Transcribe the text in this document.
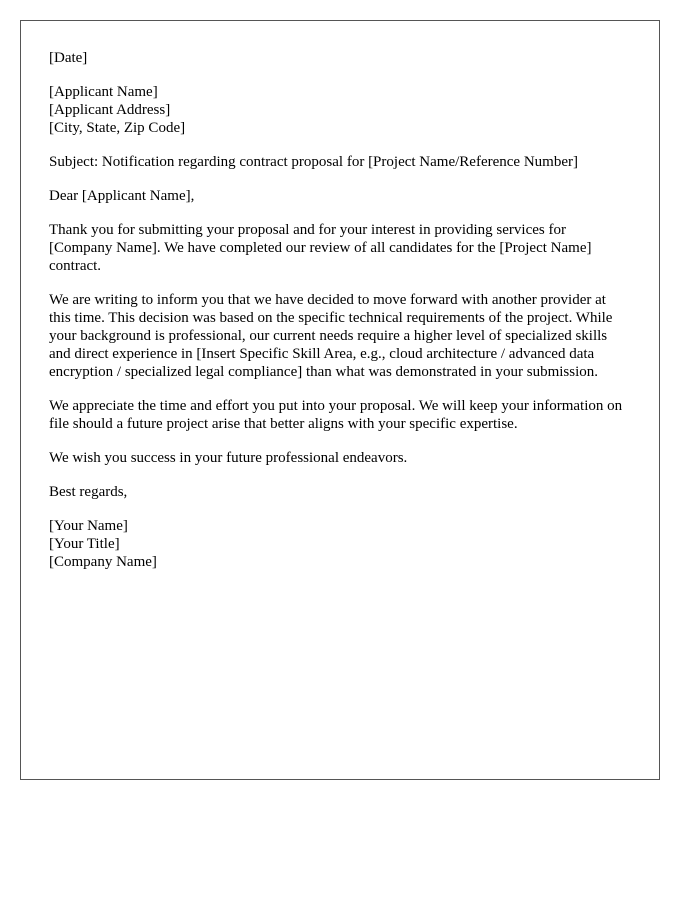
[Date]
[Applicant Name]
[Applicant Address]
[City, State, Zip Code]
Subject: Notification regarding contract proposal for [Project Name/Reference Number]
Dear [Applicant Name],

Thank you for submitting your proposal and for your interest in providing services for [Company Name]. We have completed our review of all candidates for the [Project Name] contract.

We are writing to inform you that we have decided to move forward with another provider at this time. This decision was based on the specific technical requirements of the project. While your background is professional, our current needs require a higher level of specialized skills and direct experience in [Insert Specific Skill Area, e.g., cloud architecture / advanced data encryption / specialized legal compliance] than what was demonstrated in your submission.

We appreciate the time and effort you put into your proposal. We will keep your information on file should a future project arise that better aligns with your specific expertise.

We wish you success in your future professional endeavors.

Best regards,
[Your Name]
[Your Title]
[Company Name]
